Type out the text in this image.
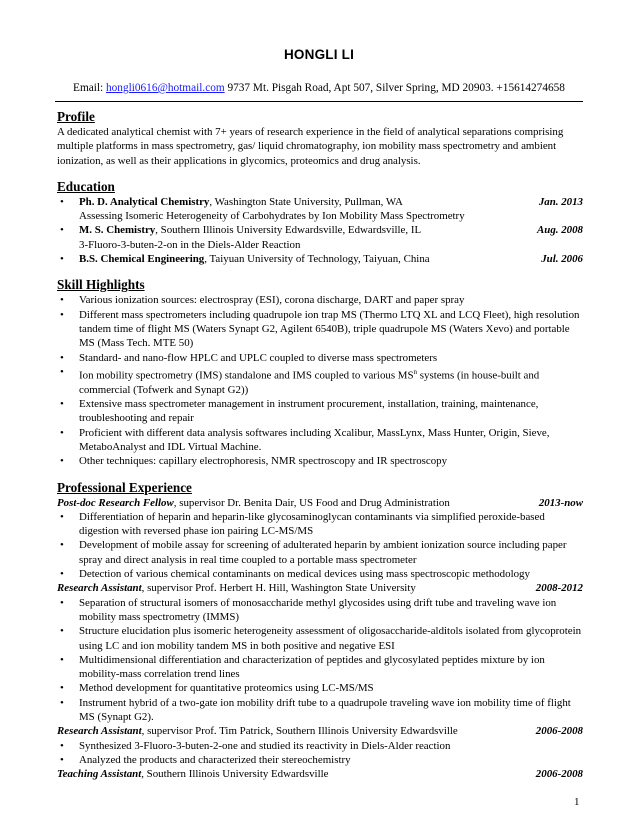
HONGLI LI
Email: hongli0616@hotmail.com 9737 Mt. Pisgah Road, Apt 507, Silver Spring, MD 20903. +15614274658
Profile

A dedicated analytical chemist with 7+ years of research experience in the field of analytical separations comprising multiple platforms in mass spectrometry, gas/ liquid chromatography, ion mobility mass spectrometry and ambient ionization, as well as their applications in glycomics, proteomics and drug analysis.

Education
• Ph. D. Analytical Chemistry, Washington State University, Pullman, WA	Jan. 2013
Assessing Isomeric Heterogeneity of Carbohydrates by Ion Mobility Mass Spectrometry
• M. S. Chemistry, Southern Illinois University Edwardsville, Edwardsville, IL	Aug. 2008
3-Fluoro-3-buten-2-on in the Diels-Alder Reaction
• B.S. Chemical Engineering, Taiyuan University of Technology, Taiyuan, China	Jul. 2006
Skill Highlights
• Various ionization sources: electrospray (ESI), corona discharge, DART and paper spray
• Different mass spectrometers including quadrupole ion trap MS (Thermo LTQ XL and LCQ Fleet), high resolution tandem time of flight MS (Waters Synapt G2, Agilent 6540B), triple quadrupole MS (Waters Xevo) and portable MS (Mass Tech. MTE 50)
• Standard- and nano-flow HPLC and UPLC coupled to diverse mass spectrometers
• Ion mobility spectrometry (IMS) standalone and IMS coupled to various $MS^n$ systems (in house-built and commercial (Tofwerk and Synapt G2))
• Extensive mass spectrometer management in instrument procurement, installation, training, maintenance, troubleshooting and repair
• Proficient with different data analysis softwares including Xcalibur, MassLynx, Mass Hunter, Origin, Sieve, MetaboAnalyst and IDL Virtual Machine.
• Other techniques: capillary electrophoresis, NMR spectroscopy and IR spectroscopy
Professional Experience
Post-doc Research Fellow, supervisor Dr. Benita Dair, US Food and Drug Administration	2013-now
• Differentiation of heparin and heparin-like glycosaminoglycan contaminants via simplified peroxide-based digestion with reversed phase ion pairing LC-MS/MS
• Development of mobile assay for screening of adulterated heparin by ambient ionization source including paper spray and direct analysis in real time coupled to a portable mass spectrometer
• Detection of various chemical contaminants on medical devices using mass spectroscopic methodology
Research Assistant, supervisor Prof. Herbert H. Hill, Washington State University	2008-2012
• Separation of structural isomers of monosaccharide methyl glycosides using drift tube and traveling wave ion mobility mass spectrometry (IMMS)
• Structure elucidation plus isomeric heterogeneity assessment of oligosaccharide-alditols isolated from glycoprotein using LC and ion mobility tandem MS in both positive and negative ESI
• Multidimensional differentiation and characterization of peptides and glycosylated peptides mixture by ion mobility-mass correlation trend lines
• Method development for quantitative proteomics using LC-MS/MS
• Instrument hybrid of a two-gate ion mobility drift tube to a quadrupole traveling wave ion mobility time of flight MS (Synapt G2).
Research Assistant, supervisor Prof. Tim Patrick, Southern Illinois University Edwardsville	2006-2008
• Synthesized 3-Fluoro-3-buten-2-one and studied its reactivity in Diels-Alder reaction
• Analyzed the products and characterized their stereochemistry
Teaching Assistant, Southern Illinois University Edwardsville	2006-2008
1
